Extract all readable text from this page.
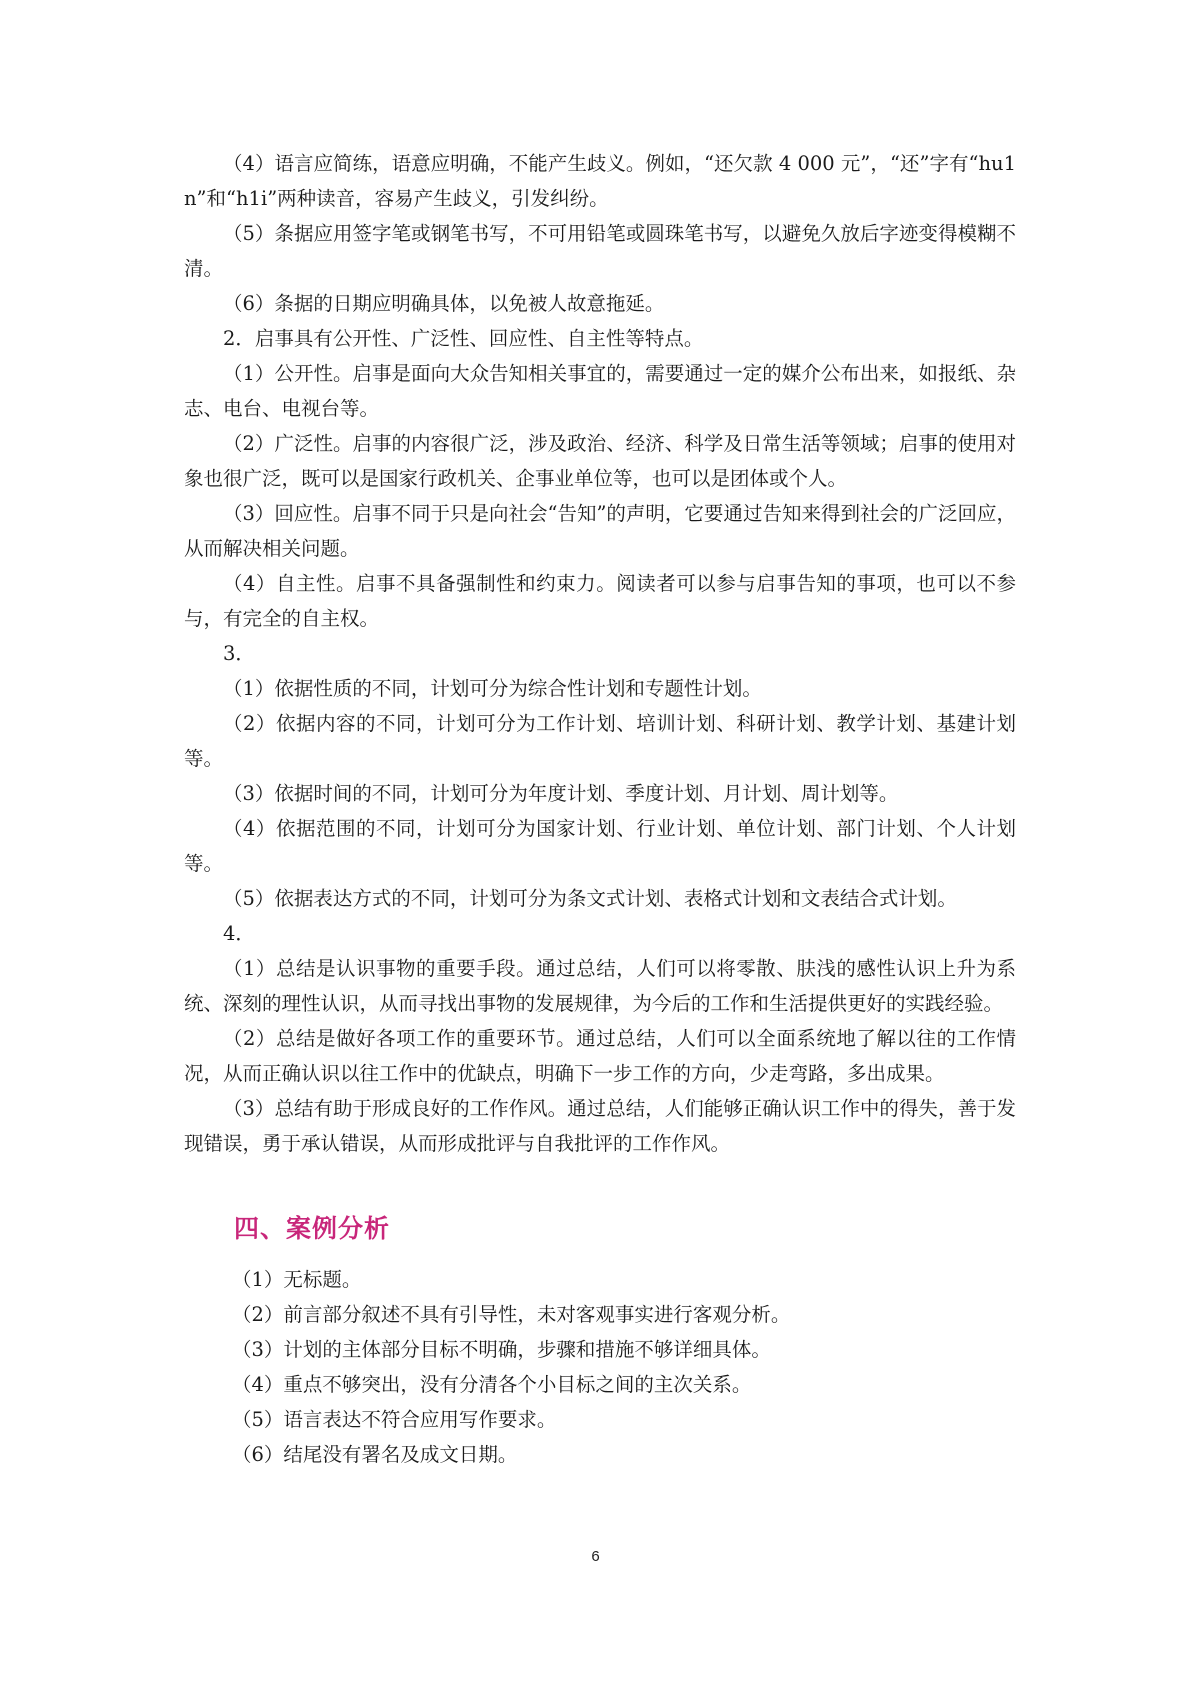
（4）语言应简练，语意应明确，不能产生歧义。例如，“还欠款 4 000 元”，“还”字有“hu1n”和“h1i”两种读音，容易产生歧义，引发纠纷。

（5）条据应用签字笔或钢笔书写，不可用铅笔或圆珠笔书写，以避免久放后字迹变得模糊不清。

（6）条据的日期应明确具体，以免被人故意拖延。

2．启事具有公开性、广泛性、回应性、自主性等特点。

（1）公开性。启事是面向大众告知相关事宜的，需要通过一定的媒介公布出来，如报纸、杂志、电台、电视台等。

（2）广泛性。启事的内容很广泛，涉及政治、经济、科学及日常生活等领域；启事的使用对象也很广泛，既可以是国家行政机关、企事业单位等，也可以是团体或个人。

（3）回应性。启事不同于只是向社会“告知”的声明，它要通过告知来得到社会的广泛回应，从而解决相关问题。

（4）自主性。启事不具备强制性和约束力。阅读者可以参与启事告知的事项，也可以不参与，有完全的自主权。

3．

（1）依据性质的不同，计划可分为综合性计划和专题性计划。

（2）依据内容的不同，计划可分为工作计划、培训计划、科研计划、教学计划、基建计划等。

（3）依据时间的不同，计划可分为年度计划、季度计划、月计划、周计划等。

（4）依据范围的不同，计划可分为国家计划、行业计划、单位计划、部门计划、个人计划等。

（5）依据表达方式的不同，计划可分为条文式计划、表格式计划和文表结合式计划。

4．

（1）总结是认识事物的重要手段。通过总结，人们可以将零散、肤浅的感性认识上升为系统、深刻的理性认识，从而寻找出事物的发展规律，为今后的工作和生活提供更好的实践经验。

（2）总结是做好各项工作的重要环节。通过总结，人们可以全面系统地了解以往的工作情况，从而正确认识以往工作中的优缺点，明确下一步工作的方向，少走弯路，多出成果。

（3）总结有助于形成良好的工作作风。通过总结，人们能够正确认识工作中的得失，善于发现错误，勇于承认错误，从而形成批评与自我批评的工作作风。

四、案例分析

（1）无标题。

（2）前言部分叙述不具有引导性，未对客观事实进行客观分析。

（3）计划的主体部分目标不明确，步骤和措施不够详细具体。

（4）重点不够突出，没有分清各个小目标之间的主次关系。

（5）语言表达不符合应用写作要求。

（6）结尾没有署名及成文日期。

6
